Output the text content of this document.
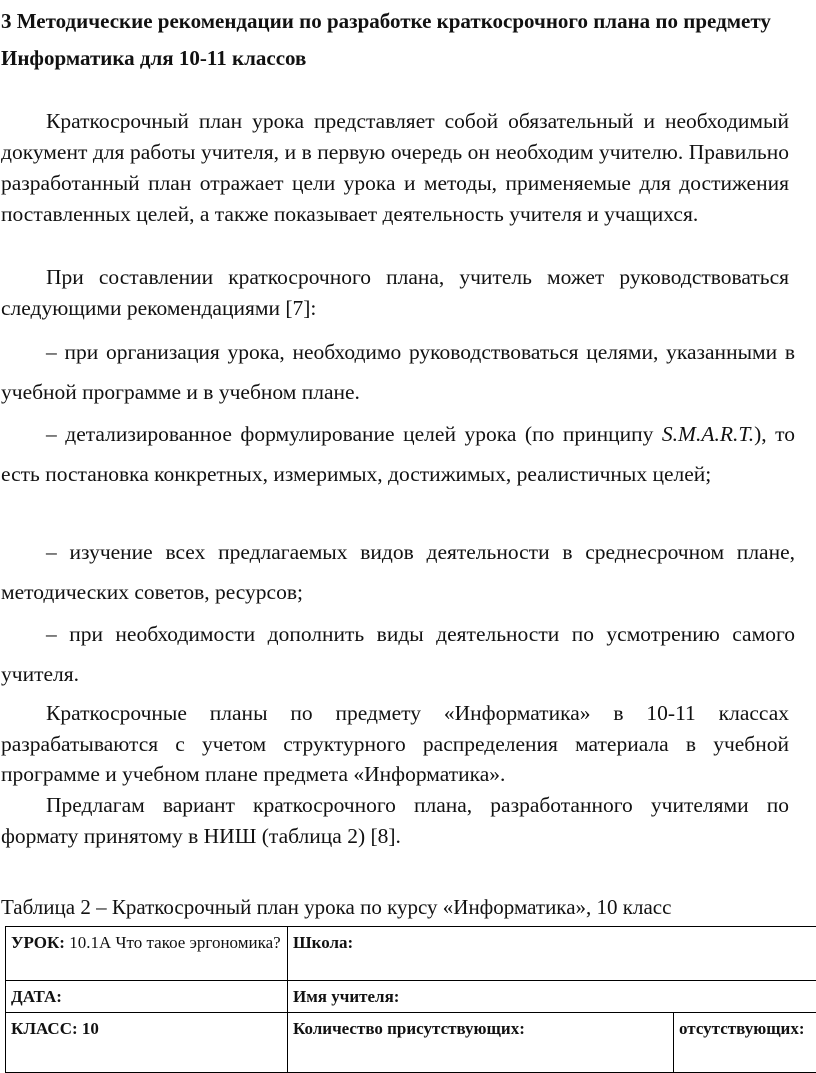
3 Методические рекомендации по разработке краткосрочного плана по предмету Информатика для 10-11 классов
Краткосрочный план урока представляет собой обязательный и необходимый документ для работы учителя, и в первую очередь он необходим учителю. Правильно разработанный план отражает цели урока и методы, применяемые для достижения поставленных целей, а также показывает деятельность учителя и учащихся.
При составлении краткосрочного плана, учитель может руководствоваться следующими рекомендациями [7]:
– при организация урока, необходимо руководствоваться целями, указанными в учебной программе и в учебном плане.
– детализированное формулирование целей урока (по принципу S.M.A.R.T.), то есть постановка конкретных, измеримых, достижимых, реалистичных целей;
– изучение всех предлагаемых видов деятельности в среднесрочном плане, методических советов, ресурсов;
– при необходимости дополнить виды деятельности по усмотрению самого учителя.
Краткосрочные планы по предмету «Информатика» в 10-11 классах разрабатываются с учетом структурного распределения материала в учебной программе и учебном плане предмета «Информатика».
Предлагам вариант краткосрочного плана, разработанного учителями по формату принятому в НИШ (таблица 2) [8].
Таблица 2 – Краткосрочный план урока по курсу «Информатика», 10 класс
УРОК: 10.1А Что такое эргономика?	Школа:	
ДАТА:	Имя учителя:	
КЛАСС: 10	Количество присутствующих:	отсутствующих:
